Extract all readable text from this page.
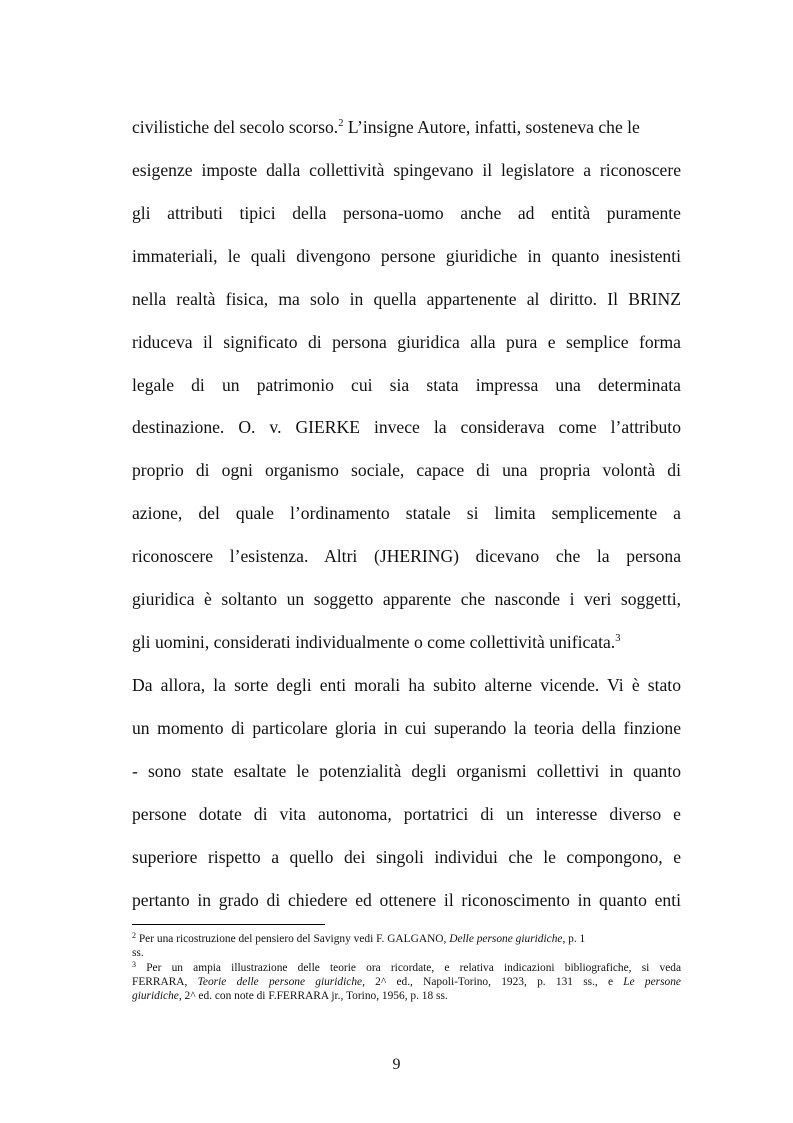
civilistiche del secolo scorso.$^2$ L’insigne Autore, infatti, sosteneva che le

esigenze imposte dalla collettività spingevano il legislatore a riconoscere

gli attributi tipici della persona-uomo anche ad entità puramente

immateriali, le quali divengono persone giuridiche in quanto inesistenti

nella realtà fisica, ma solo in quella appartenente al diritto. Il BRINZ

riduceva il significato di persona giuridica alla pura e semplice forma

legale di un patrimonio cui sia stata impressa una determinata

destinazione. O. v. GIERKE invece la considerava come l’attributo

proprio di ogni organismo sociale, capace di una propria volontà di

azione, del quale l’ordinamento statale si limita semplicemente a

riconoscere l’esistenza. Altri (JHERING) dicevano che la persona

giuridica è soltanto un soggetto apparente che nasconde i veri soggetti,

gli uomini, considerati individualmente o come collettività unificata.$^3$

Da allora, la sorte degli enti morali ha subito alterne vicende. Vi è stato

un momento di particolare gloria in cui superando la teoria della finzione

- sono state esaltate le potenzialità degli organismi collettivi in quanto

persone dotate di vita autonoma, portatrici di un interesse diverso e

superiore rispetto a quello dei singoli individui che le compongono, e

pertanto in grado di chiedere ed ottenere il riconoscimento in quanto enti

$^2$ Per una ricostruzione del pensiero del Savigny vedi F. GALGANO, Delle persone giuridiche, p. 1

ss.

$^3$ Per un ampia illustrazione delle teorie ora ricordate, e relativa indicazioni bibliografiche, si veda

FERRARA, Teorie delle persone giuridiche, 2^ ed., Napoli-Torino, 1923, p. 131 ss., e Le persone

giuridiche, 2^ ed. con note di F.FERRARA jr., Torino, 1956, p. 18 ss.

9
